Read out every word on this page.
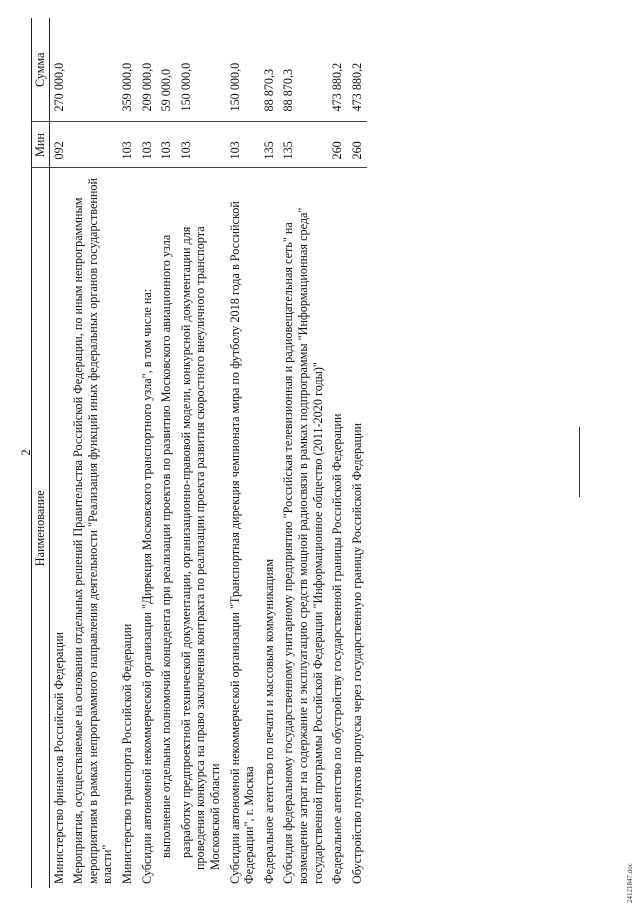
2
24121847.doc
Наименование	Мин	Сумма
Министерство финансов Российской Федерации	092	270 000,0
Мероприятия, осуществляемые на основании отдельных решений Правительства Российской Федерации, по иным непрограммным мероприятиям в рамках непрограммного направления деятельности "Реализация функций иных федеральных органов государственной власти"		
Министерство транспорта Российской Федерации	103	359 000,0
Субсидии автономной некоммерческой организации "Дирекция Московского транспортного узла", в том числе на:	103	209 000,0
выполнение отдельных полномочий концедента при реализации проектов по развитию Московского авиационного узла	103	59 000,0
разработку предпроектной технической документации, организационно-правовой модели, конкурсной документации для проведения конкурса на право заключения контракта по реализации проекта развития скоростного внеуличного транспорта Московской области	103	150 000,0
Субсидии автономной некоммерческой организации "Транспортная дирекция чемпионата мира по футболу 2018 года в Российской Федерации", г. Москва	103	150 000,0
Федеральное агентство по печати и массовым коммуникациям	135	88 870,3
Субсидия федеральному государственному унитарному предприятию "Российская телевизионная и радиовещательная сеть" на возмещение затрат на содержание и эксплуатацию средств мощной радиосвязи в рамках подпрограммы "Информационная среда" государственной программы Российской Федерации "Информационное общество (2011-2020 годы)"	135	88 870,3
Федеральное агентство по обустройству государственной границы Российской Федерации	260	473 880,2
Обустройство пунктов пропуска через государственную границу Российской Федерации	260	473 880,2
